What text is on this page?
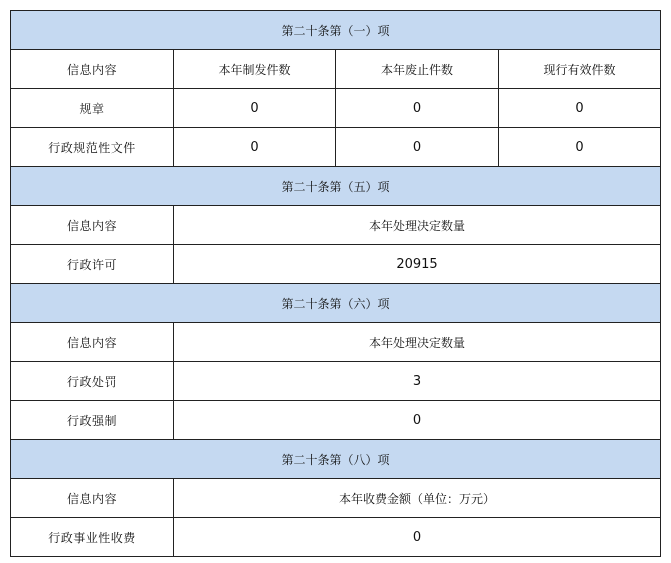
第二十条第（一）项			
信息内容	本年制发件数	本年废止件数	现行有效件数
规章	0	0	0
行政规范性文件	0	0	0
第二十条第（五）项			
信息内容	本年处理决定数量		
行政许可	20915		
第二十条第（六）项			
信息内容	本年处理决定数量		
行政处罚	3		
行政强制	0		
第二十条第（八）项			
信息内容	本年收费金额（单位：万元）		
行政事业性收费	0		
